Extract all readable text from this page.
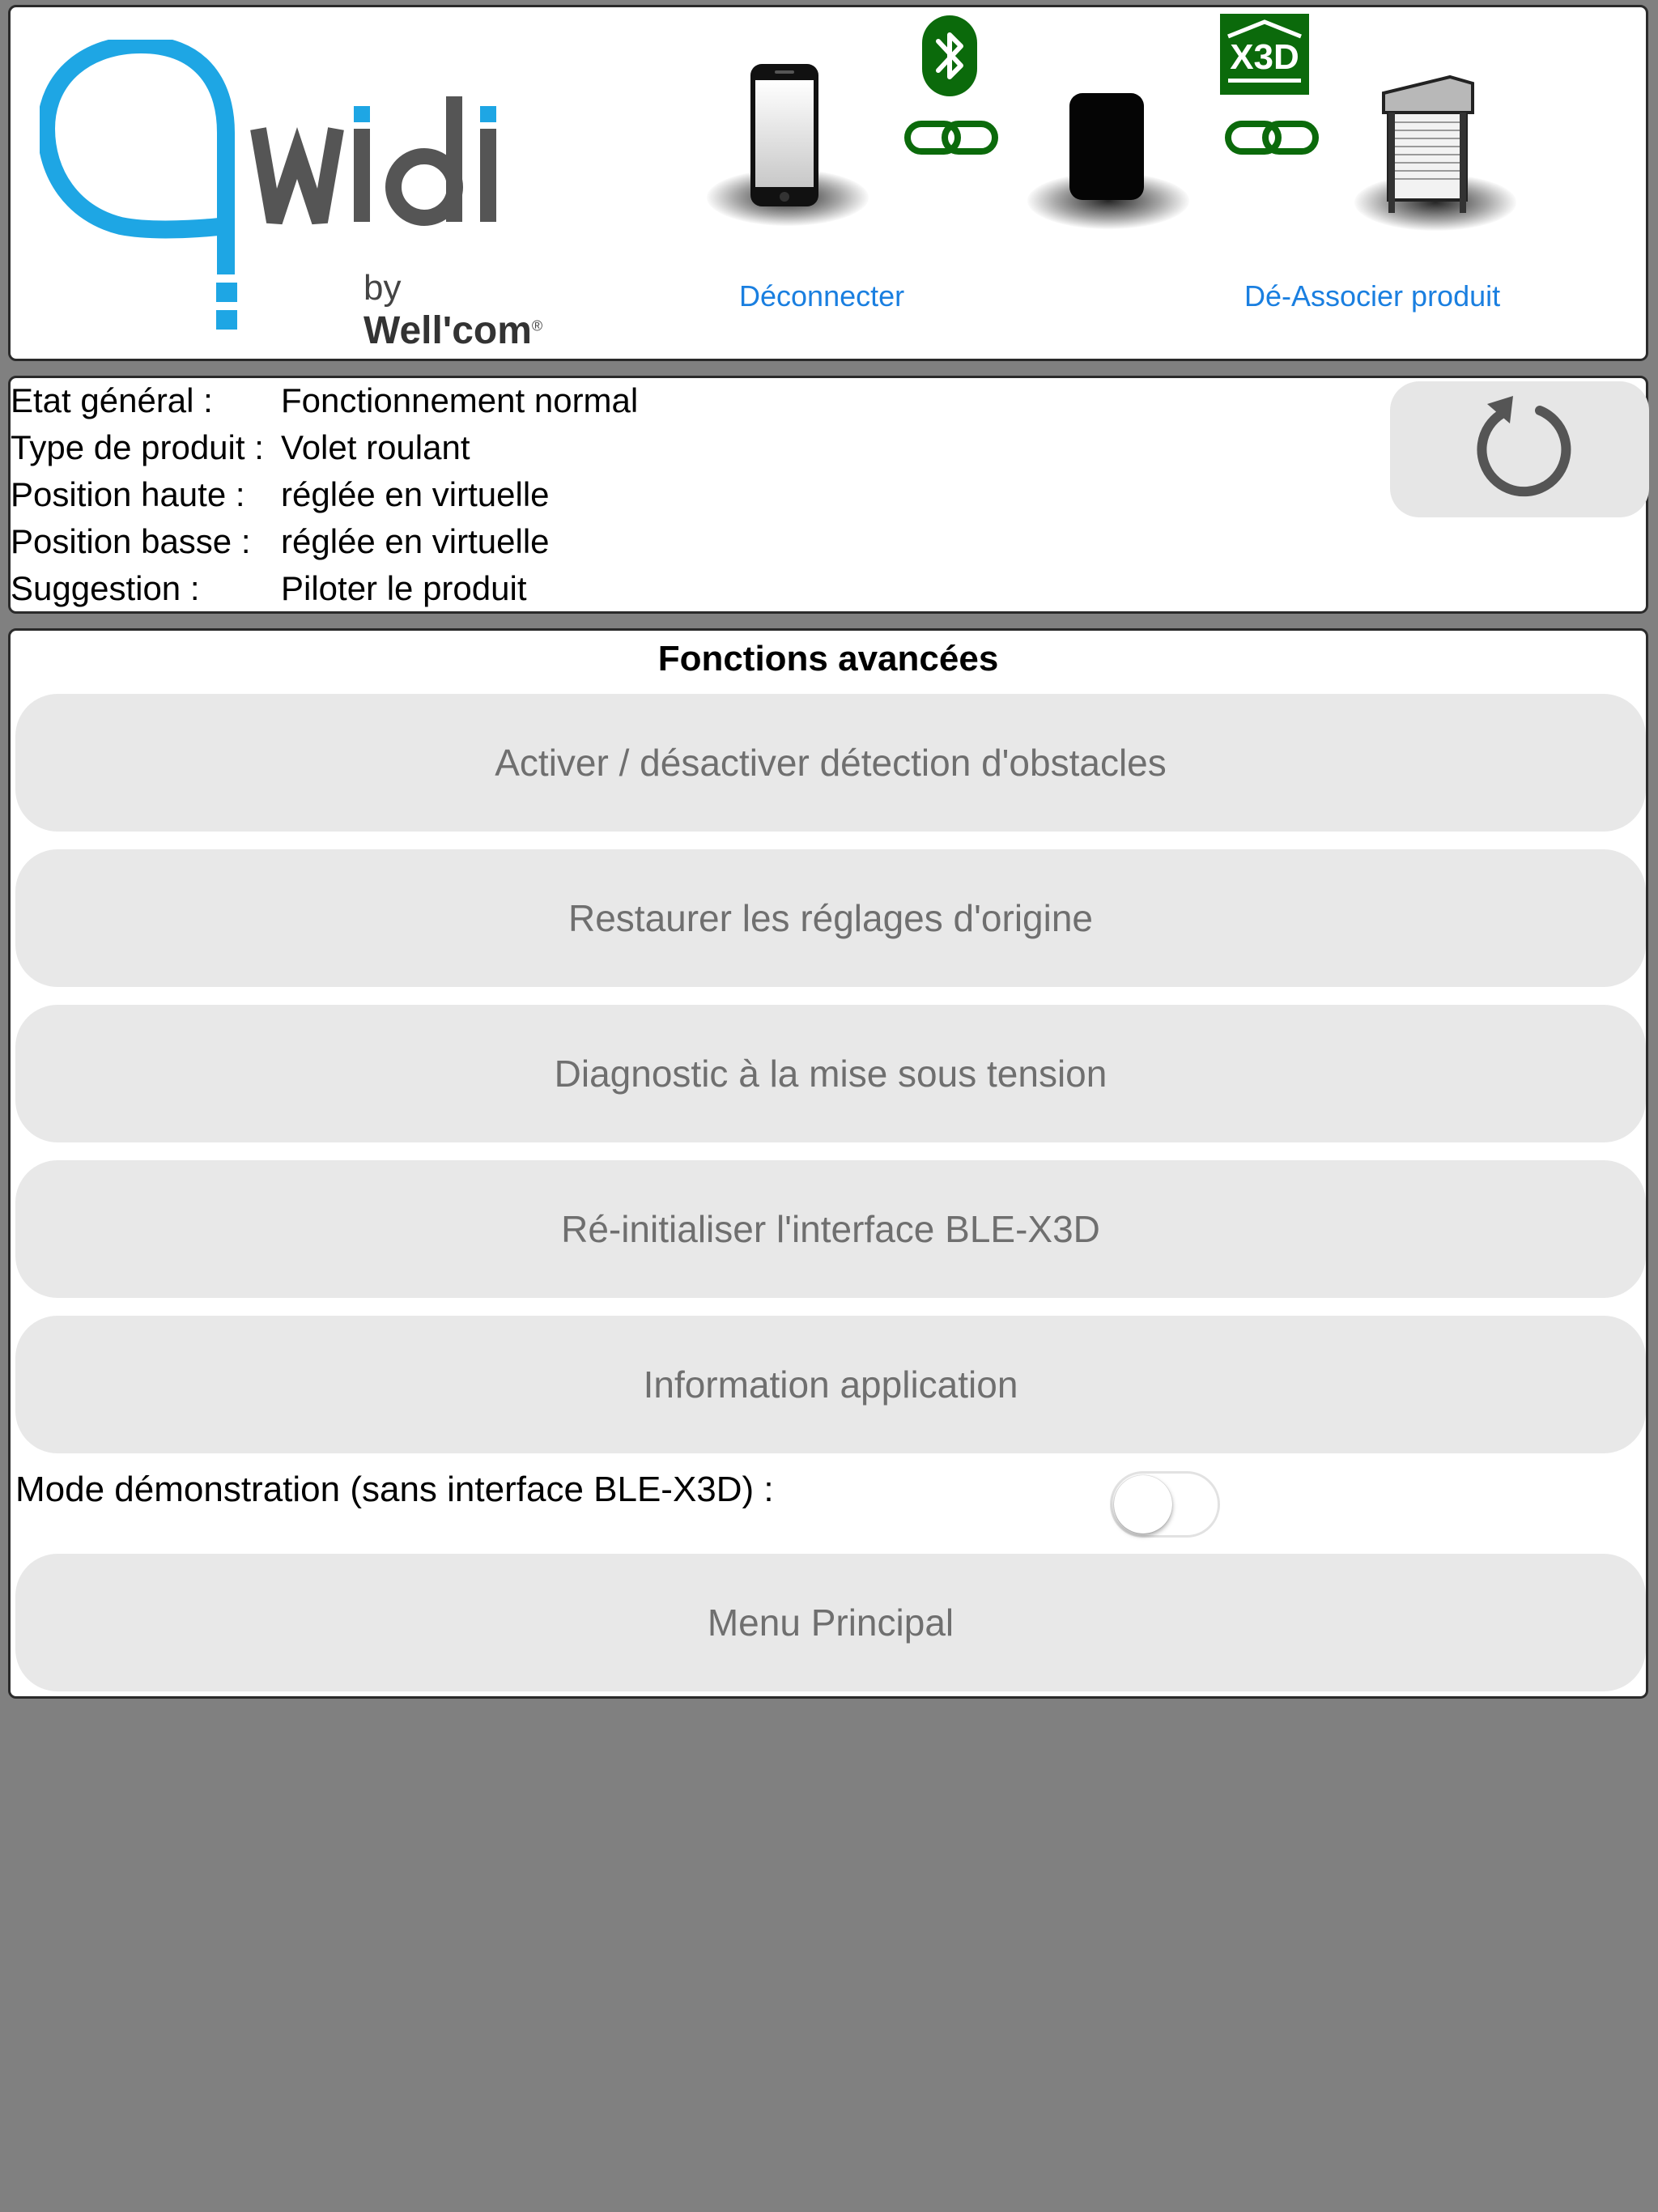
by Well'com®
X3D
Déconnecter	Dé-Associer produit
Etat général : Fonctionnement normal
Type de produit : Volet roulant
Position haute : réglée en virtuelle
Position basse : réglée en virtuelle
Suggestion : Piloter le produit
Fonctions avancées
Activer / désactiver détection d'obstacles
Restaurer les réglages d'origine
Diagnostic à la mise sous tension
Ré-initialiser l'interface BLE-X3D
Information application
Mode démonstration (sans interface BLE-X3D) :
Menu Principal
